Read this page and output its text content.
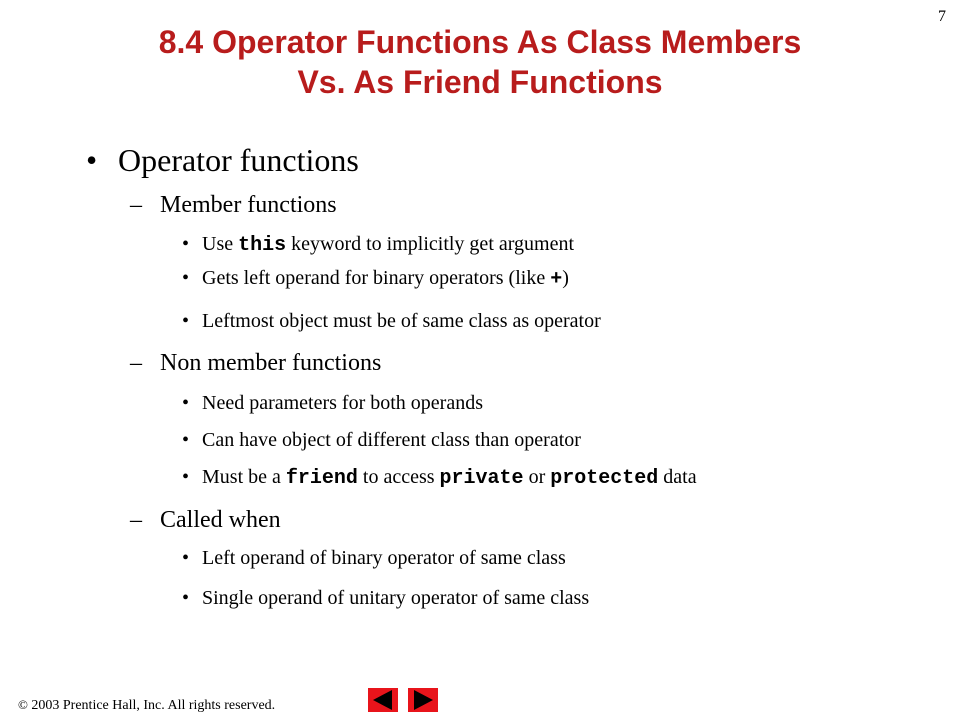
7
8.4 Operator Functions As Class Members
Vs. As Friend Functions
• Operator functions
– Member functions
• Use this keyword to implicitly get argument
• Gets left operand for binary operators (like +)
• Leftmost object must be of same class as operator
– Non member functions
• Need parameters for both operands
• Can have object of different class than operator
• Must be a friend to access private or protected data
– Called when
• Left operand of binary operator of same class
• Single operand of unitary operator of same class
© 2003 Prentice Hall, Inc. All rights reserved.
